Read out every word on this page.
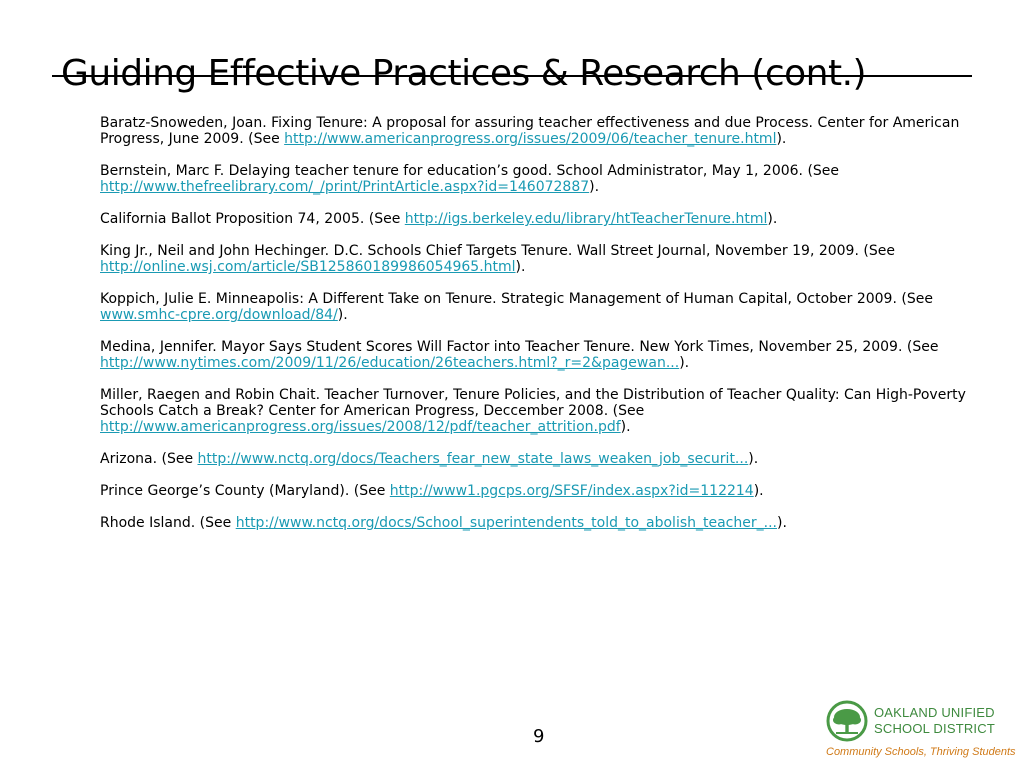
Guiding Effective Practices & Research (cont.)

Baratz-Snoweden, Joan. Fixing Tenure: A proposal for assuring teacher effectiveness and due Process. Center for American Progress, June 2009. (See http://www.americanprogress.org/issues/2009/06/teacher_tenure.html).

Bernstein, Marc F. Delaying teacher tenure for education’s good. School Administrator, May 1, 2006. (See http://www.thefreelibrary.com/_/print/PrintArticle.aspx?id=146072887).

California Ballot Proposition 74, 2005. (See http://igs.berkeley.edu/library/htTeacherTenure.html).

King Jr., Neil and John Hechinger. D.C. Schools Chief Targets Tenure. Wall Street Journal, November 19, 2009. (See http://online.wsj.com/article/SB125860189986054965.html).

Koppich, Julie E. Minneapolis: A Different Take on Tenure. Strategic Management of Human Capital, October 2009. (See www.smhc-cpre.org/download/84/).

Medina, Jennifer. Mayor Says Student Scores Will Factor into Teacher Tenure. New York Times, November 25, 2009. (See http://www.nytimes.com/2009/11/26/education/26teachers.html?_r=2&pagewan...).

Miller, Raegen and Robin Chait. Teacher Turnover, Tenure Policies, and the Distribution of Teacher Quality: Can High-Poverty Schools Catch a Break? Center for American Progress, Deccember 2008. (See http://www.americanprogress.org/issues/2008/12/pdf/teacher_attrition.pdf).

Arizona. (See http://www.nctq.org/docs/Teachers_fear_new_state_laws_weaken_job_securit...).

Prince George’s County (Maryland). (See http://www1.pgcps.org/SFSF/index.aspx?id=112214).

Rhode Island. (See http://www.nctq.org/docs/School_superintendents_told_to_abolish_teacher_...).

9
OAKLAND UNIFIED
SCHOOL DISTRICT
Community Schools, Thriving Students
